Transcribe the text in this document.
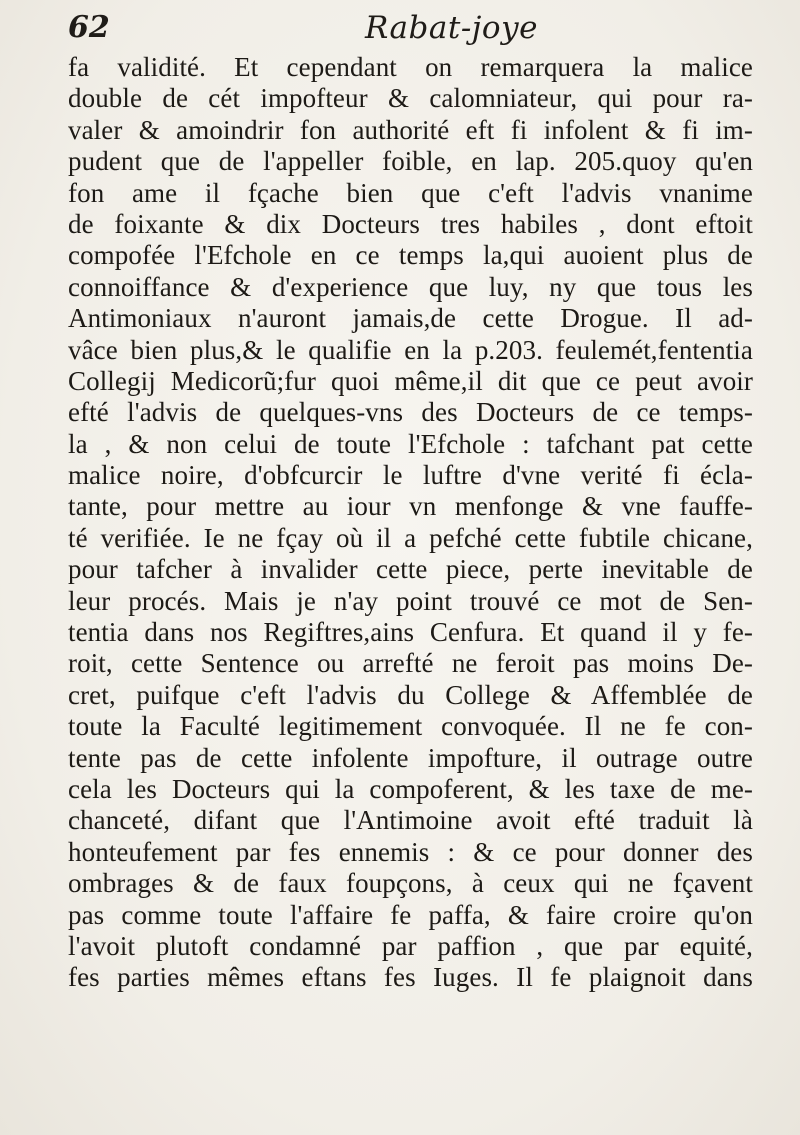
62	Rabat-joye
fa validité. Et cependant on remarquera la malice
double de cét impofteur & calomniateur, qui pour ra-
valer & amoindrir fon authorité eft fi infolent & fi im-
pudent que de l'appeller foible, en lap. 205.quoy qu'en
fon ame il fçache bien que c'eft l'advis vnanime
de foixante & dix Docteurs tres habiles , dont eftoit
compofée l'Efchole en ce temps la,qui auoient plus de
connoiffance & d'experience que luy, ny que tous les
Antimoniaux n'auront jamais,de cette Drogue. Il ad-
vâce bien plus,& le qualifie en la p.203. feulemét,fententia
Collegij Medicorũ;fur quoi même,il dit que ce peut avoir
efté l'advis de quelques-vns des Docteurs de ce temps-
la , & non celui de toute l'Efchole : tafchant pat cette
malice noire, d'obfcurcir le luftre d'vne verité fi écla-
tante, pour mettre au iour vn menfonge & vne fauffe-
té verifiée. Ie ne fçay où il a pefché cette fubtile chicane,
pour tafcher à invalider cette piece, perte inevitable de
leur procés. Mais je n'ay point trouvé ce mot de Sen-
tentia dans nos Regiftres,ains Cenfura. Et quand il y fe-
roit, cette Sentence ou arrefté ne feroit pas moins De-
cret, puifque c'eft l'advis du College & Affemblée de
toute la Faculté legitimement convoquée. Il ne fe con-
tente pas de cette infolente impofture, il outrage outre
cela les Docteurs qui la compoferent, & les taxe de me-
chanceté, difant que l'Antimoine avoit efté traduit là
honteufement par fes ennemis : & ce pour donner des
ombrages & de faux foupçons, à ceux qui ne fçavent
pas comme toute l'affaire fe paffa, & faire croire qu'on
l'avoit plutoft condamné par paffion , que par equité,
fes parties mêmes eftans fes Iuges. Il fe plaignoit dans
